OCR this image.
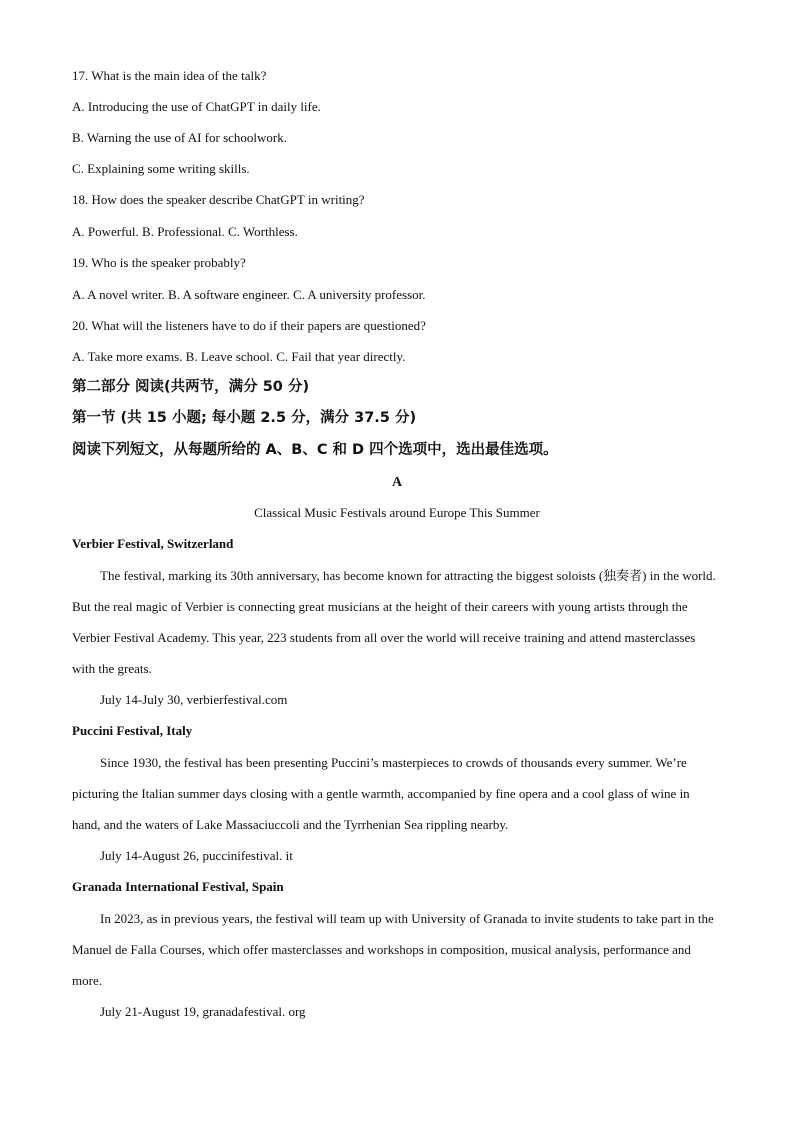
17. What is the main idea of the talk?
A. Introducing the use of ChatGPT in daily life.
B. Warning the use of AI for schoolwork.
C. Explaining some writing skills.
18. How does the speaker describe ChatGPT in writing?
A. Powerful. B. Professional. C. Worthless.
19. Who is the speaker probably?
A. A novel writer. B. A software engineer. C. A university professor.
20. What will the listeners have to do if their papers are questioned?
A. Take more exams. B. Leave school. C. Fail that year directly.
第二部分 阅读(共两节，满分 50 分)
第一节 (共 15 小题; 每小题 2.5 分，满分 37.5 分)
阅读下列短文，从每题所给的 A、B、C 和 D 四个选项中，选出最佳选项。
A
Classical Music Festivals around Europe This Summer
Verbier Festival, Switzerland
The festival, marking its 30th anniversary, has become known for attracting the biggest soloists (独奏者) in the world. But the real magic of Verbier is connecting great musicians at the height of their careers with young artists through the Verbier Festival Academy. This year, 223 students from all over the world will receive training and attend masterclasses with the greats.
July 14-July 30, verbierfestival.com
Puccini Festival, Italy
Since 1930, the festival has been presenting Puccini’s masterpieces to crowds of thousands every summer. We’re picturing the Italian summer days closing with a gentle warmth, accompanied by fine opera and a cool glass of wine in hand, and the waters of Lake Massaciuccoli and the Tyrrhenian Sea rippling nearby.
July 14-August 26, puccinifestival. it
Granada International Festival, Spain
In 2023, as in previous years, the festival will team up with University of Granada to invite students to take part in the Manuel de Falla Courses, which offer masterclasses and workshops in composition, musical analysis, performance and more.
July 21-August 19, granadafestival. org
